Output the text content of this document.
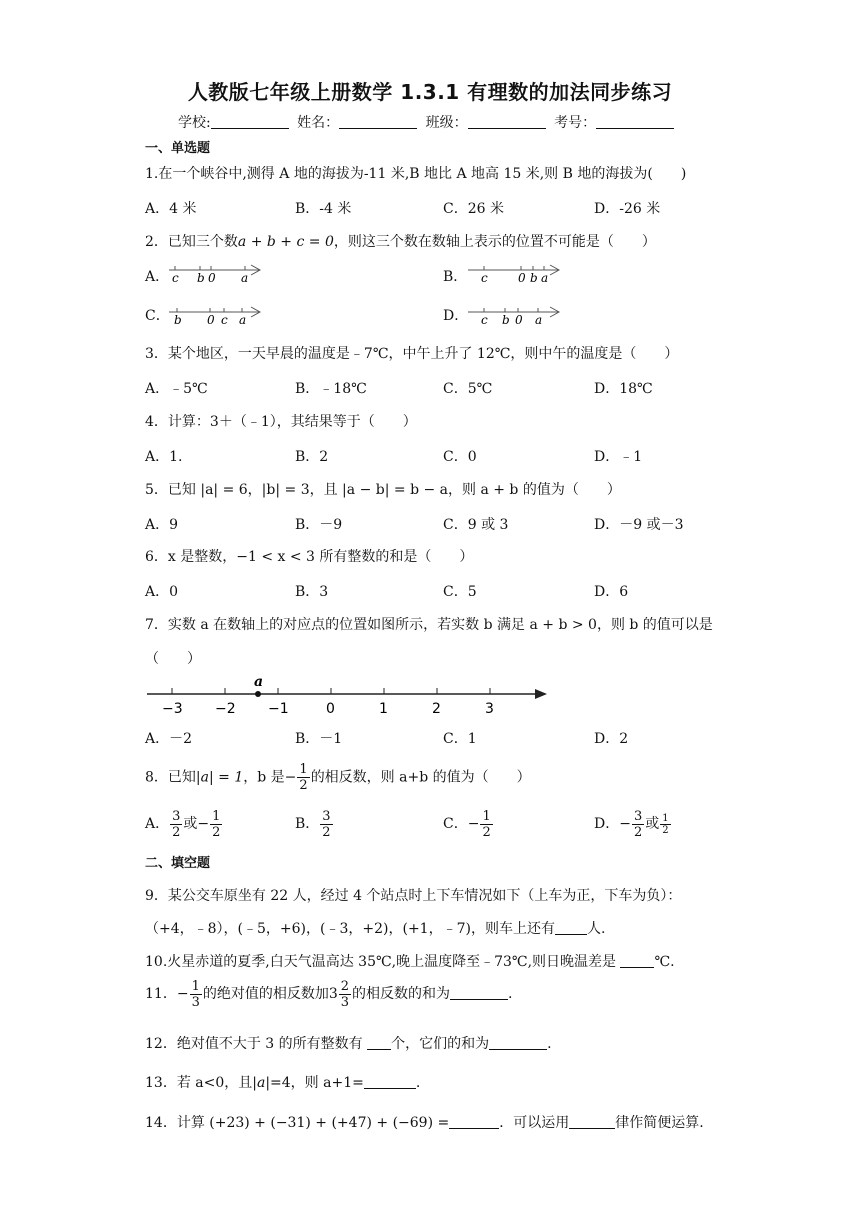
人教版七年级上册数学 1.3.1 有理数的加法同步练习
学校:	姓名：	班级：	考号：
一、单选题
1.在一个峡谷中,测得 A 地的海拔为-11 米,B 地比 A 地高 15 米,则 B 地的海拔为(　　)
A．4 米	B．-4 米	C．26 米	D．-26 米
2．已知三个数a + b + c = 0，则这三个数在数轴上表示的位置不可能是（　　）
A． c b 0 a	B． c	0 b a
C． b 0 c a	D． c b 0 a
3．某个地区，一天早晨的温度是﹣7℃，中午上升了 12℃，则中午的温度是（　　）
A．﹣5℃	B．﹣18℃	C．5℃	D．18℃
4．计算：3＋（﹣1），其结果等于（　　）
A．1.	B．2	C．0	D．﹣1
5．已知 |a| = 6，|b| = 3，且 |a − b| = b − a，则 a + b 的值为（　　）
A．9	B．－9	C．9 或 3	D．－9 或－3
6．x 是整数，−1 < x < 3 所有整数的和是（　　）
A．0	B．3	C．5	D．6
7．实数 a 在数轴上的对应点的位置如图所示，若实数 b 满足 a + b > 0，则 b 的值可以是
（　　）
a
−3 −2 −1	0	1	2	3
A．－2	B．－1	C．1	D．2
8．已知|a| = 1，b 是− $\frac{1}{2}$ 的相反数，则 a+b 的值为（　　）
A． $\frac{3}{2}$ 或− $\frac{1}{2}$	B． $\frac{3}{2}$	C．− $\frac{1}{2}$	D．− $\frac{3}{2}$ 或 $\frac{1}{2}$
二、填空题
9．某公交车原坐有 22 人，经过 4 个站点时上下车情况如下（上车为正，下车为负）：
（+4，﹣8），(﹣5，+6)，(﹣3，+2)，(+1，﹣7)，则车上还有 人.
10.火星赤道的夏季,白天气温高达 35℃,晚上温度降至﹣73℃,则日晚温差是	℃.
11．− $\frac{1}{3}$ 的绝对值的相反数加$3 \frac{2}{3}$ 的相反数的和为	.
12．绝对值不大于 3 的所有整数有 个，它们的和为	.
13．若 a<0，且|a|=4，则 a+1=	.
14．计算 (+23) + (−31) + (+47) + (−69) =	．可以运用	律作简便运算.
